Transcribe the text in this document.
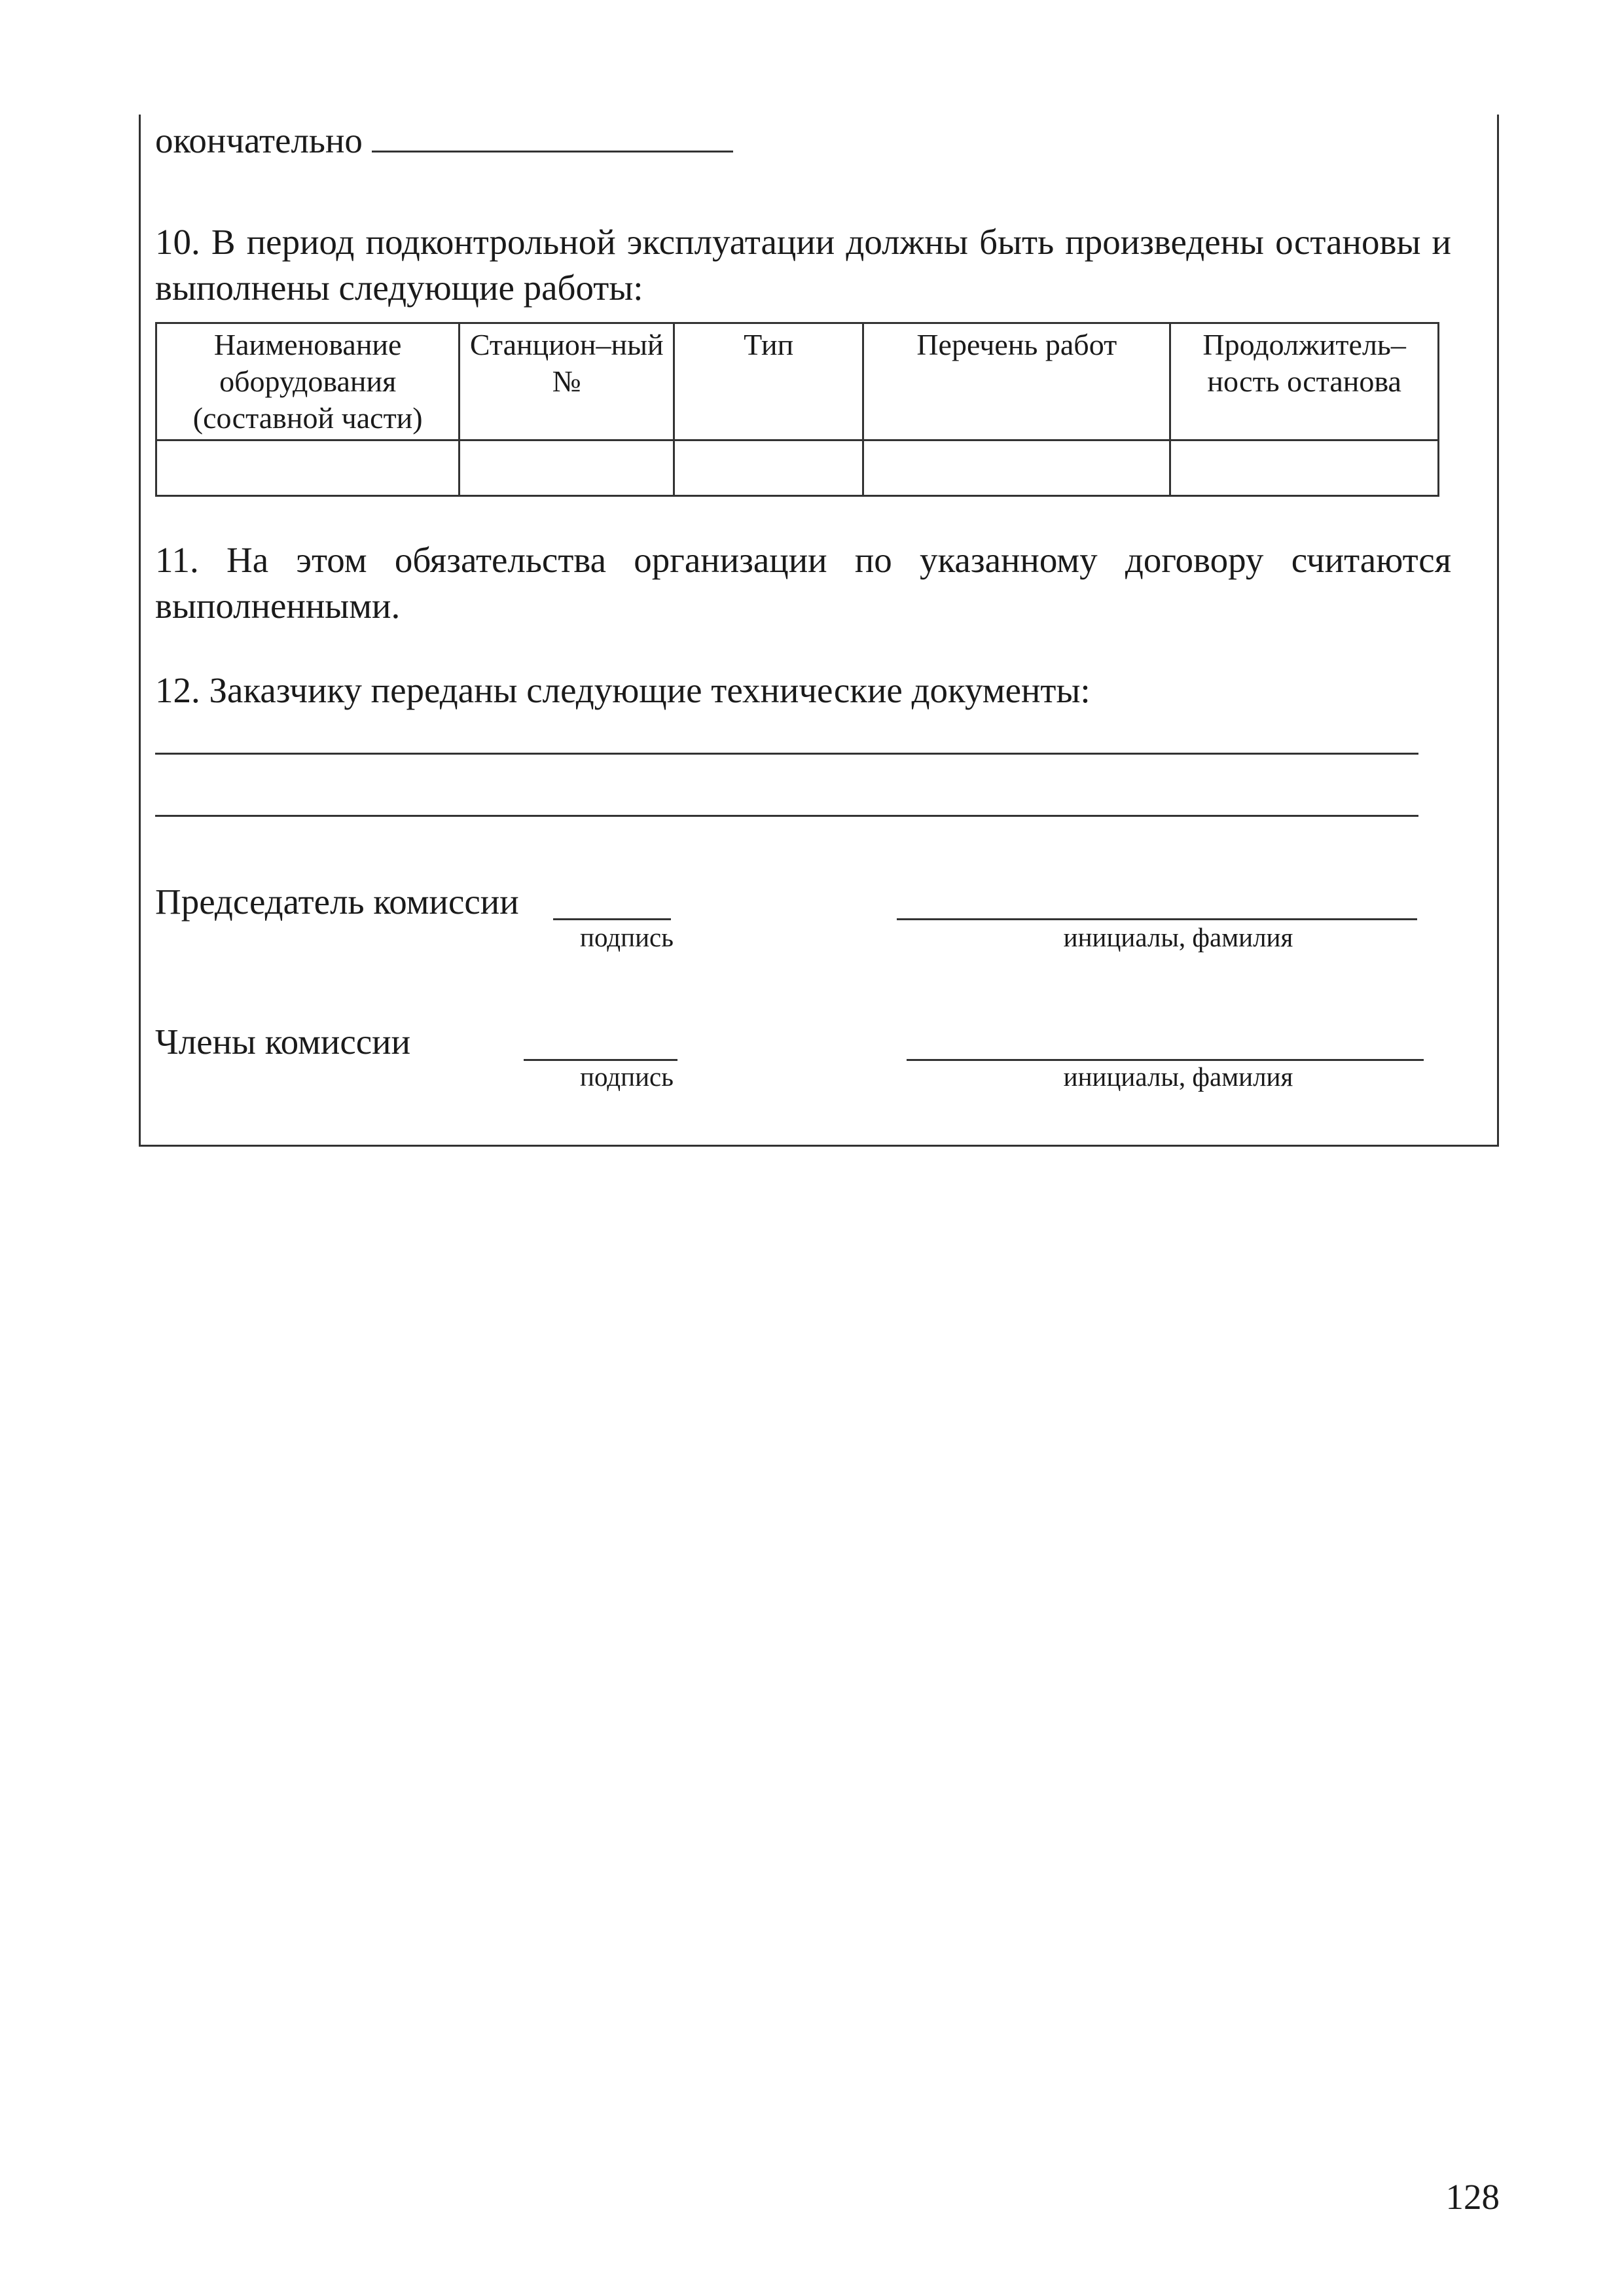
окончательно
10. В период подконтрольной эксплуатации должны быть произведены остановы и выполнены следующие работы:
Наименование оборудования (составной части)	Станцион–ный №	Тип	Перечень работ	Продолжитель–ность останова

11. На этом обязательства организации по указанному договору считаются выполненными.
12. Заказчику переданы следующие технические документы:
Председатель комиссии
подпись	инициалы, фамилия
Члены комиссии
подпись	инициалы, фамилия
128
